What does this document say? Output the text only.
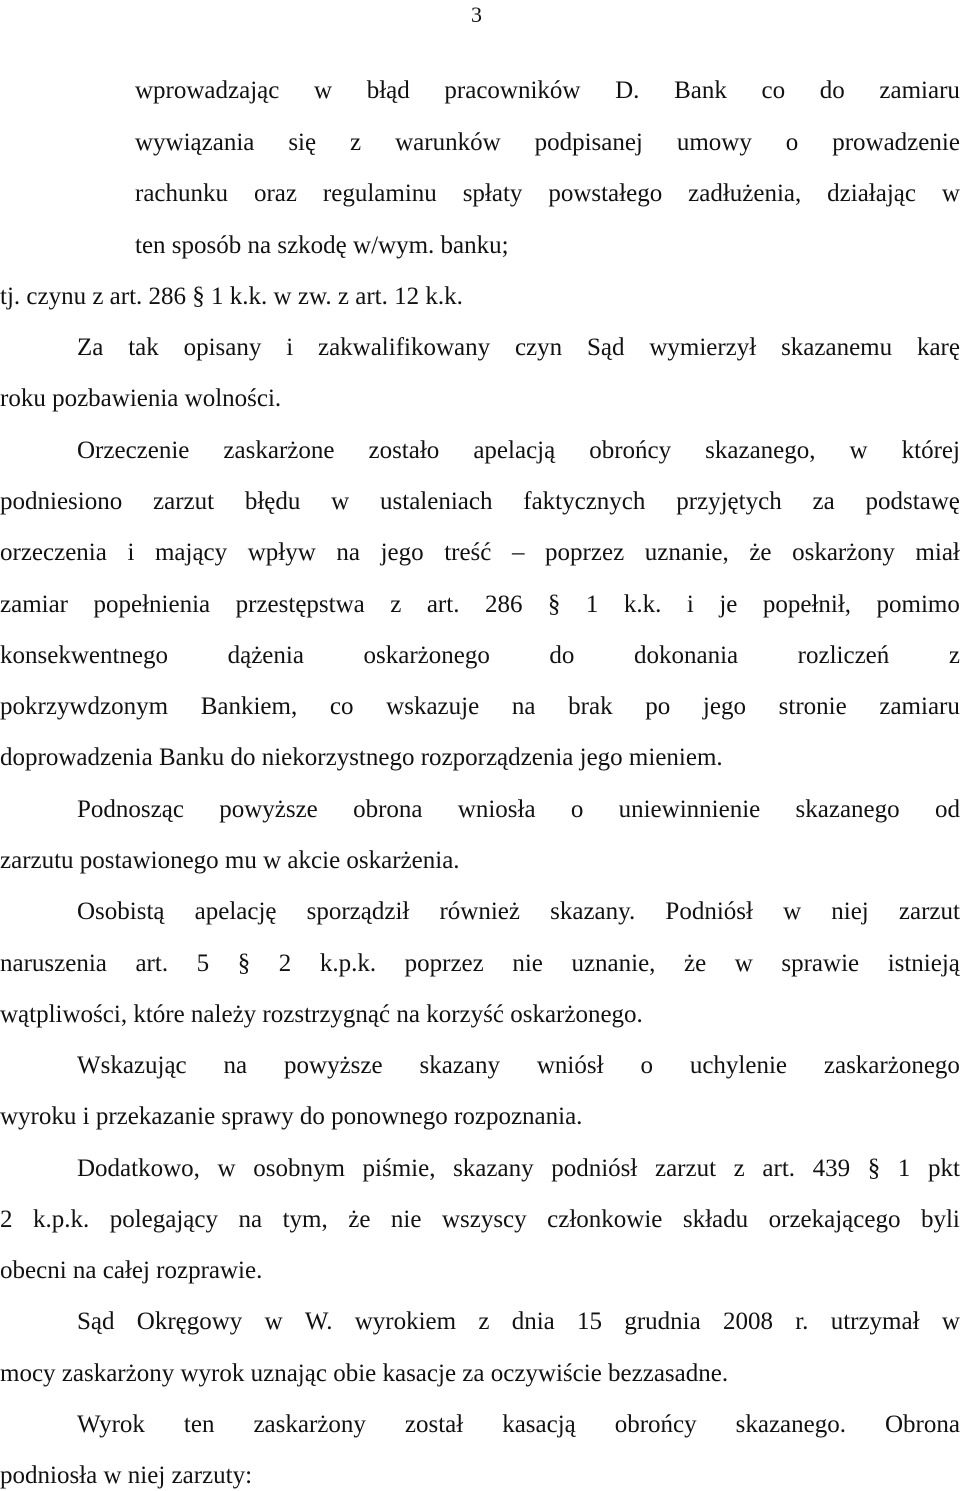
3
wprowadzając w błąd pracowników D. Bank co do zamiaru
wywiązania się z warunków podpisanej umowy o prowadzenie
rachunku oraz regulaminu spłaty powstałego zadłużenia, działając w
ten sposób na szkodę w/wym. banku;
tj. czynu z art. 286 § 1 k.k. w zw. z art. 12 k.k.
Za tak opisany i zakwalifikowany czyn Sąd wymierzył skazanemu karę
roku pozbawienia wolności.
Orzeczenie zaskarżone zostało apelacją obrońcy skazanego, w której
podniesiono zarzut błędu w ustaleniach faktycznych przyjętych za podstawę
orzeczenia i mający wpływ na jego treść – poprzez uznanie, że oskarżony miał
zamiar popełnienia przestępstwa z art. 286 § 1 k.k. i je popełnił, pomimo
konsekwentnego dążenia oskarżonego do dokonania rozliczeń z
pokrzywdzonym Bankiem, co wskazuje na brak po jego stronie zamiaru
doprowadzenia Banku do niekorzystnego rozporządzenia jego mieniem.
Podnosząc powyższe obrona wniosła o uniewinnienie skazanego od
zarzutu postawionego mu w akcie oskarżenia.
Osobistą apelację sporządził również skazany. Podniósł w niej zarzut
naruszenia art. 5 § 2 k.p.k. poprzez nie uznanie, że w sprawie istnieją
wątpliwości, które należy rozstrzygnąć na korzyść oskarżonego.
Wskazując na powyższe skazany wniósł o uchylenie zaskarżonego
wyroku i przekazanie sprawy do ponownego rozpoznania.
Dodatkowo, w osobnym piśmie, skazany podniósł zarzut z art. 439 § 1 pkt
2 k.p.k. polegający na tym, że nie wszyscy członkowie składu orzekającego byli
obecni na całej rozprawie.
Sąd Okręgowy w W. wyrokiem z dnia 15 grudnia 2008 r. utrzymał w
mocy zaskarżony wyrok uznając obie kasacje za oczywiście bezzasadne.
Wyrok ten zaskarżony został kasacją obrońcy skazanego. Obrona
podniosła w niej zarzuty:
